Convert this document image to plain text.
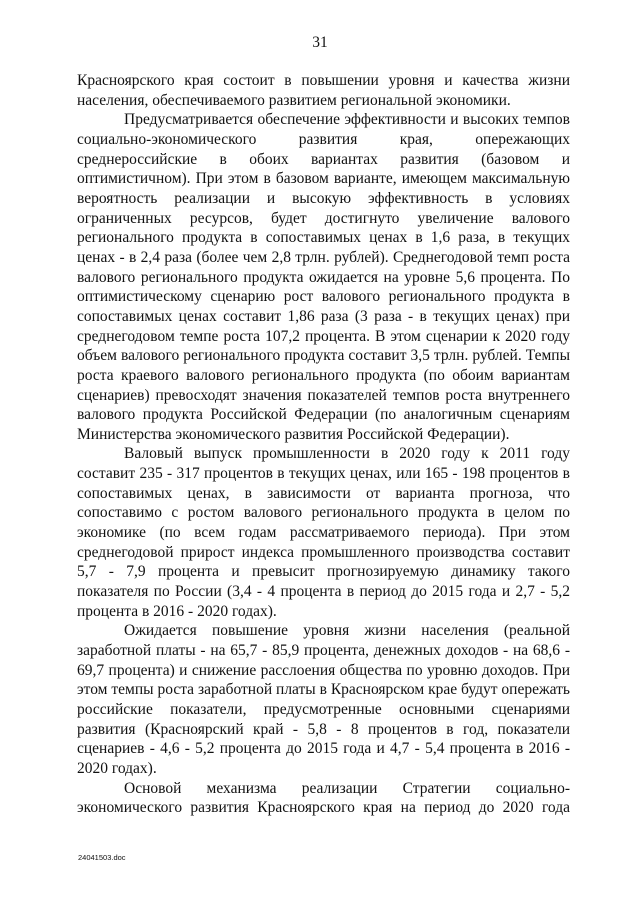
31

Красноярского края состоит в повышении уровня и качества жизни населения, обеспечиваемого развитием региональной экономики.

Предусматривается обеспечение эффективности и высоких темпов социально-экономического развития края, опережающих среднероссийские в обоих вариантах развития (базовом и оптимистичном). При этом в базовом варианте, имеющем максимальную вероятность реализации и высокую эффективность в условиях ограниченных ресурсов, будет достигнуто увеличение валового регионального продукта в сопоставимых ценах в 1,6 раза, в текущих ценах - в 2,4 раза (более чем 2,8 трлн. рублей). Среднегодовой темп роста валового регионального продукта ожидается на уровне 5,6 процента. По оптимистическому сценарию рост валового регионального продукта в сопоставимых ценах составит 1,86 раза (3 раза - в текущих ценах) при среднегодовом темпе роста 107,2 процента. В этом сценарии к 2020 году объем валового регионального продукта составит 3,5 трлн. рублей. Темпы роста краевого валового регионального продукта (по обоим вариантам сценариев) превосходят значения показателей темпов роста внутреннего валового продукта Российской Федерации (по аналогичным сценариям Министерства экономического развития Российской Федерации).

Валовый выпуск промышленности в 2020 году к 2011 году составит 235 - 317 процентов в текущих ценах, или 165 - 198 процентов в сопоставимых ценах, в зависимости от варианта прогноза, что сопоставимо с ростом валового регионального продукта в целом по экономике (по всем годам рассматриваемого периода). При этом среднегодовой прирост индекса промышленного производства составит 5,7 - 7,9 процента и превысит прогнозируемую динамику такого показателя по России (3,4 - 4 процента в период до 2015 года и 2,7 - 5,2 процента в 2016 - 2020 годах).

Ожидается повышение уровня жизни населения (реальной заработной платы - на 65,7 - 85,9 процента, денежных доходов - на 68,6 - 69,7 процента) и снижение расслоения общества по уровню доходов. При этом темпы роста заработной платы в Красноярском крае будут опережать российские показатели, предусмотренные основными сценариями развития (Красноярский край - 5,8 - 8 процентов в год, показатели сценариев - 4,6 - 5,2 процента до 2015 года и 4,7 - 5,4 процента в 2016 - 2020 годах).

Основой механизма реализации Стратегии социально-экономического развития Красноярского края на период до 2020 года

24041503.doc
